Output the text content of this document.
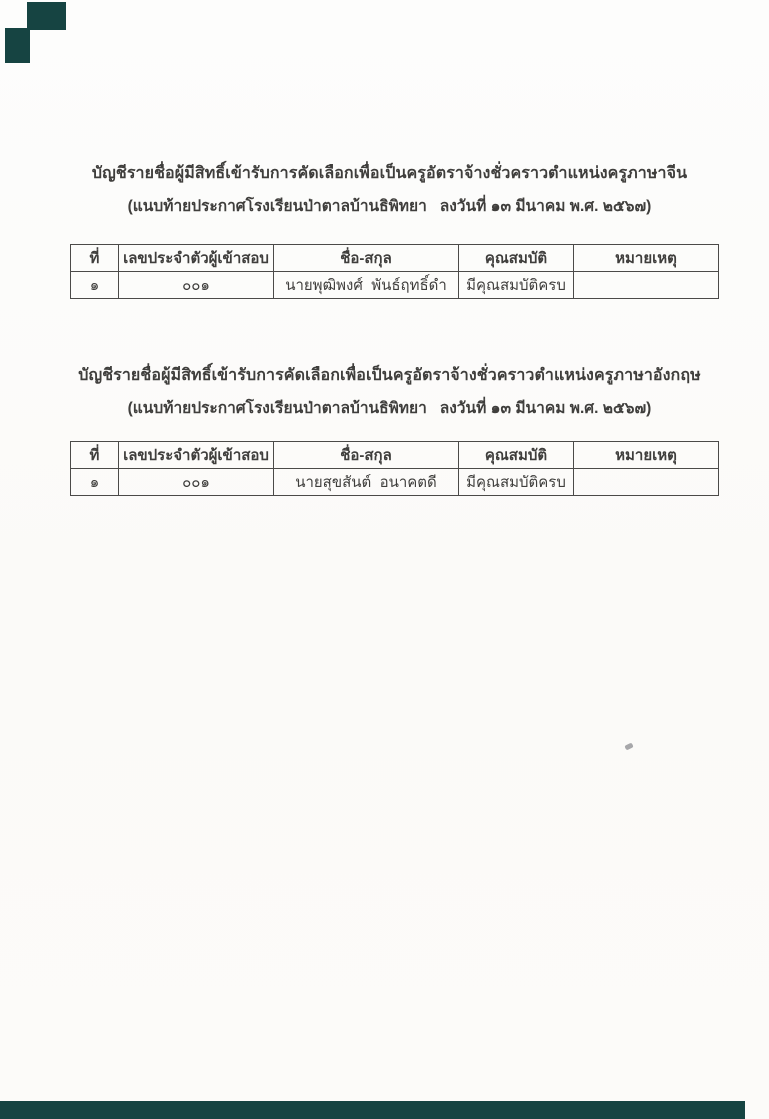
บัญชีรายชื่อผู้มีสิทธิ์เข้ารับการคัดเลือกเพื่อเป็นครูอัตราจ้างชั่วคราวตำแหน่งครูภาษาจีน
(แนบท้ายประกาศโรงเรียนป่าตาลบ้านธิพิทยา   ลงวันที่ ๑๓ มีนาคม พ.ศ. ๒๕๖๗)
ที่	เลขประจำตัวผู้เข้าสอบ	ชื่อ-สกุล	คุณสมบัติ	หมายเหตุ
๑	๐๐๑	นายพุฒิพงศ์  พันธ์ฤทธิ์ดำ	มีคุณสมบัติครบ	
บัญชีรายชื่อผู้มีสิทธิ์เข้ารับการคัดเลือกเพื่อเป็นครูอัตราจ้างชั่วคราวตำแหน่งครูภาษาอังกฤษ
(แนบท้ายประกาศโรงเรียนป่าตาลบ้านธิพิทยา   ลงวันที่ ๑๓ มีนาคม พ.ศ. ๒๕๖๗)
ที่	เลขประจำตัวผู้เข้าสอบ	ชื่อ-สกุล	คุณสมบัติ	หมายเหตุ
๑	๐๐๑	นายสุขสันต์  อนาคตดี	มีคุณสมบัติครบ	
